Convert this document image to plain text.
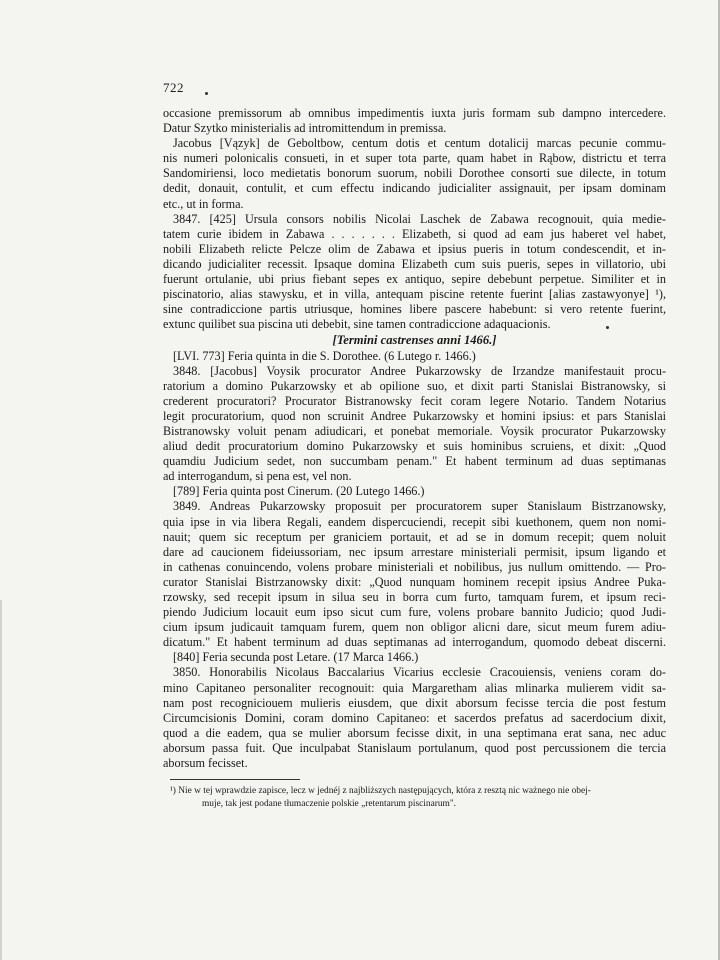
722
occasione premissorum ab omnibus impedimentis iuxta juris formam sub dampno intercedere.
Datur Szytko ministerialis ad intromittendum in premissa.
Jacobus [Vązyk] de Geboltbow, centum dotis et centum dotaliciј marcas pecunie commu-
nis numeri polonicalis consueti, in et super tota parte, quam habet in Rąbow, districtu et terra
Sandomiriensi, loco medietatis bonorum suorum, nobili Dorothee consorti sue dilecte, in totum
dedit, donauit, contulit, et cum effectu indicando judicialiter assignauit, per ipsam dominam
etc., ut in forma.
3847. [425] Ursula consors nobilis Nicolai Laschek de Zabawa recognouit, quia medie-
tatem curie ibidem in Zabawa . . . . . . . Elizabeth, si quod ad eam jus haberet vel habet,
nobili Elizabeth relicte Pelcze olim de Zabawa et ipsius pueris in totum condescendit, et in-
dicando judicialiter recessit. Ipsaque domina Elizabeth cum suis pueris, sepes in villatorio, ubi
fuerunt ortulanie, ubi prius fiebant sepes ex antiquo, sepire debebunt perpetue. Similiter et in
piscinatorio, alias stawysku, et in villa, antequam piscine retente fuerint [alias zastawyonye] ¹),
sine contradiccione partis utriusque, homines libere pascere habebunt: si vero retente fuerint,
extunc quilibet sua piscina uti debebit, sine tamen contradiccione adaquacionis.
[Termini castrenses anni 1466.]
[LVI. 773] Feria quinta in die S. Dorothee. (6 Lutego r. 1466.)
3848. [Jacobus] Voysik procurator Andree Pukarzowsky de Irzandze manifestauit procu-
ratorium a domino Pukarzowsky et ab opilione suo, et dixit parti Stanislai Bistranowsky, si
crederent procuratori? Procurator Bistranowsky fecit coram legere Notario. Tandem Notarius
legit procuratorium, quod non scruinit Andree Pukarzowsky et homini ipsius: et pars Stanislai
Bistranowsky voluit penam adiudicari, et ponebat memoriale. Voysik procurator Pukarzowsky
aliud dedit procuratorium domino Pukarzowsky et suis hominibus scruiens, et dixit: „Quod
quamdiu Judicium sedet, non succumbam penam." Et habent terminum ad duas septimanas
ad interrogandum, si pena est, vel non.
[789] Feria quinta post Cinerum. (20 Lutego 1466.)
3849. Andreas Pukarzowsky proposuit per procuratorem super Stanislaum Bistrzanowsky,
quia ipse in via libera Regali, eandem dispercuciendi, recepit sibi kuethonem, quem non nomi-
nauit; quem sic receptum per graniciem portauit, et ad se in domum recepit; quem noluit
dare ad caucionem fideiussoriam, nec ipsum arrestare ministeriali permisit, ipsum ligando et
in cathenas conuincendo, volens probare ministeriali et nobilibus, jus nullum omittendo. — Pro-
curator Stanislai Bistrzanowsky dixit: „Quod nunquam hominem recepit ipsius Andree Puka-
rzowsky, sed recepit ipsum in silua seu in borra cum furto, tamquam furem, et ipsum reci-
piendo Judicium locauit eum ipso sicut cum fure, volens probare bannito Judicio; quod Judi-
cium ipsum judicauit tamquam furem, quem non obligor alicni dare, sicut meum furem adiu-
dicatum." Et habent terminum ad duas septimanas ad interrogandum, quomodo debeat discerni.
[840] Feria secunda post Letare. (17 Marca 1466.)
3850. Honorabilis Nicolaus Baccalarius Vicarius ecclesie Cracouiensis, veniens coram do-
mino Capitaneo personaliter recognouit: quia Margaretham alias mlinarka mulierem vidit sa-
nam post recogniciouem mulieris eiusdem, que dixit aborsum fecisse tercia die post festum
Circumcisionis Domini, coram domino Capitaneo: et sacerdos prefatus ad sacerdocium dixit,
quod a die eadem, qua se mulier aborsum fecisse dixit, in una septimana erat sana, nec aduc
aborsum passa fuit. Que inculpabat Stanislaum portulanum, quod post percussionem die tercia
aborsum fecisset.
¹) Nie w tej wprawdzie zapisce, lecz w jednéj z najbliższych następujących, która z resztą nic ważnego nie obej-
muje, tak jest podane tłumaczenie polskie „retentarum piscinarum".
